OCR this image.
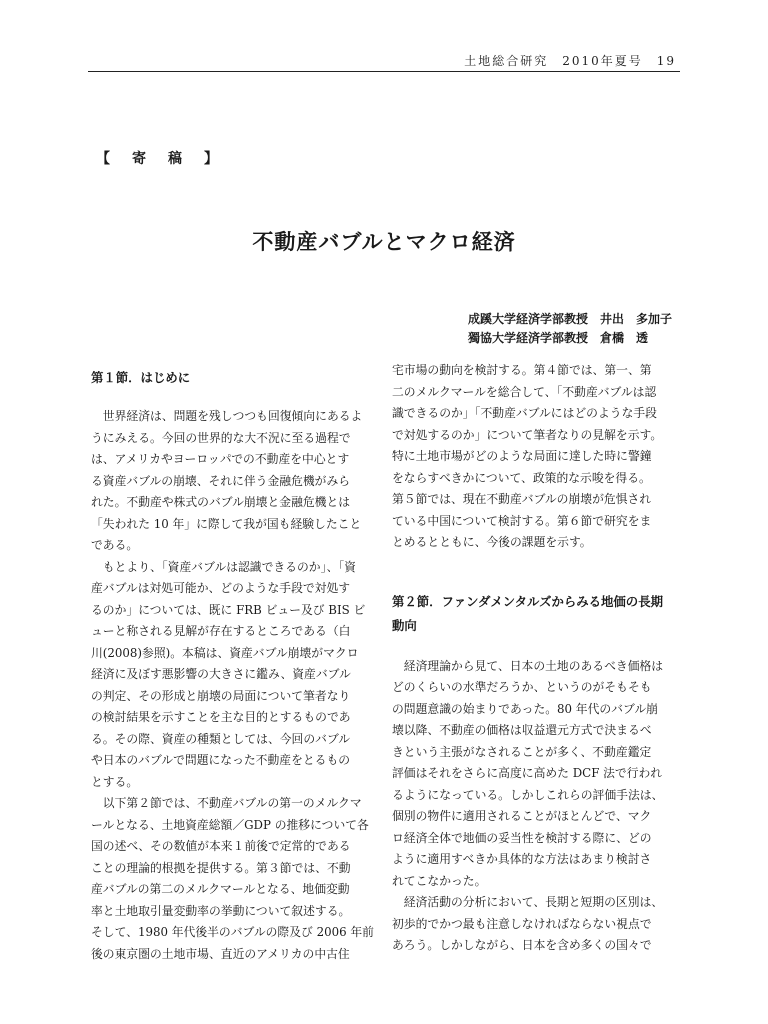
土地総合研究　2010年夏号　19
【　寄　稿　】
不動産バブルとマクロ経済
成蹊大学経済学部教授　井出　多加子
獨協大学経済学部教授　倉橋　透
第１節．はじめに
世界経済は、問題を残しつつも回復傾向にあるよ
うにみえる。今回の世界的な大不況に至る過程で
は、アメリカやヨーロッパでの不動産を中心とす
る資産バブルの崩壊、それに伴う金融危機がみら
れた。不動産や株式のバブル崩壊と金融危機とは
「失われた 10 年」に際して我が国も経験したこと
である。
もとより、「資産バブルは認識できるのか」、「資
産バブルは対処可能か、どのような手段で対処す
るのか」については、既に FRB ビュー及び BIS ビ
ューと称される見解が存在するところである（白
川(2008)参照)。本稿は、資産バブル崩壊がマクロ
経済に及ぼす悪影響の大きさに鑑み、資産バブル
の判定、その形成と崩壊の局面について筆者なり
の検討結果を示すことを主な目的とするものであ
る。その際、資産の種類としては、今回のバブル
や日本のバブルで問題になった不動産をとるもの
とする。
以下第２節では、不動産バブルの第一のメルクマ
ールとなる、土地資産総額／GDP の推移について各
国の述べ、その数値が本来１前後で定常的である
ことの理論的根拠を提供する。第３節では、不動
産バブルの第二のメルクマールとなる、地価変動
率と土地取引量変動率の挙動について叙述する。
そして、1980 年代後半のバブルの際及び 2006 年前
後の東京圏の土地市場、直近のアメリカの中古住
宅市場の動向を検討する。第４節では、第一、第
二のメルクマールを総合して、「不動産バブルは認
識できるのか」「不動産バブルにはどのような手段
で対処するのか」について筆者なりの見解を示す。
特に土地市場がどのような局面に達した時に警鐘
をならすべきかについて、政策的な示唆を得る。
第５節では、現在不動産バブルの崩壊が危惧され
ている中国について検討する。第６節で研究をま
とめるとともに、今後の課題を示す。
第２節．ファンダメンタルズからみる地価の長期
動向
経済理論から見て、日本の土地のあるべき価格は
どのくらいの水準だろうか、というのがそもそも
の問題意識の始まりであった。80 年代のバブル崩
壊以降、不動産の価格は収益還元方式で決まるべ
きという主張がなされることが多く、不動産鑑定
評価はそれをさらに高度に高めた DCF 法で行われ
るようになっている。しかしこれらの評価手法は、
個別の物件に適用されることがほとんどで、マク
ロ経済全体で地価の妥当性を検討する際に、どの
ように適用すべきか具体的な方法はあまり検討さ
れてこなかった。
経済活動の分析において、長期と短期の区別は、
初歩的でかつ最も注意しなければならない視点で
あろう。しかしながら、日本を含め多くの国々で
